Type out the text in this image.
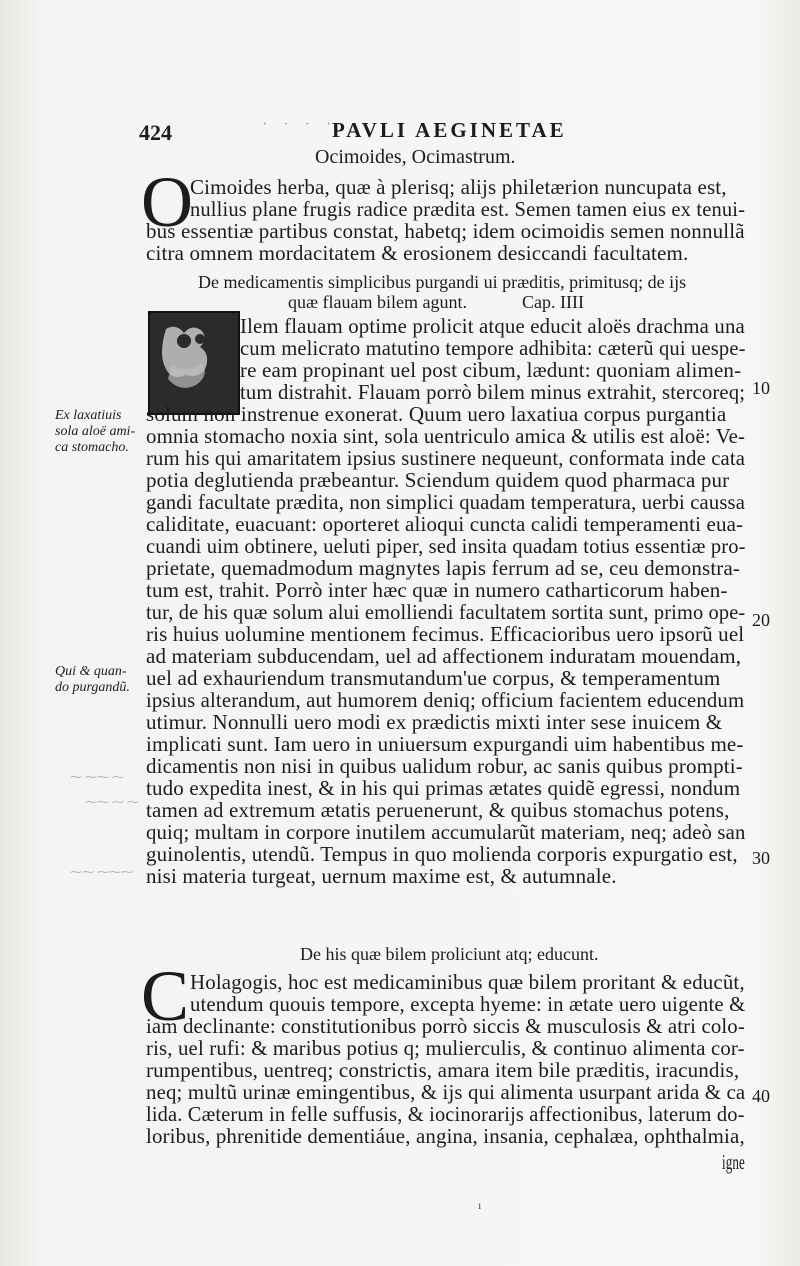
⁓ ⁓⁓ ⁓
⁓⁓ ⁓ ⁓
⁓⁓ ⁓⁓⁓
424	· · · ·
PAVLI AEGINETAE
Ocimoides, Ocimastrum.
O
Cimoides herba, quæ à plerisq; alijs philetærion nuncupata est,
nullius plane frugis radice prædita est. Semen tamen eius ex tenui-
bus essentiæ partibus constat, habetq; idem ocimoidis semen nonnullã
citra omnem mordacitatem & erosionem desiccandi facultatem.
De medicamentis simplicibus purgandi ui præditis, primitusq; de ijs
quæ flauam bilem agunt.	Cap. IIII
Ilem flauam optime prolicit atque educit aloës drachma una
cum melicrato matutino tempore adhibita: cæterũ qui uespe-
re eam propinant uel post cibum, lædunt: quoniam alimen-
tum distrahit. Flauam porrò bilem minus extrahit, stercoreq;
solum non instrenue exonerat. Quum uero laxatiua corpus purgantia
omnia stomacho noxia sint, sola uentriculo amica & utilis est aloë: Ve-
rum his qui amaritatem ipsius sustinere nequeunt, conformata inde cata
potia deglutienda præbeantur. Sciendum quidem quod pharmaca pur
gandi facultate prædita, non simplici quadam temperatura, uerbi caussa
caliditate, euacuant: oporteret alioqui cuncta calidi temperamenti eua-
cuandi uim obtinere, ueluti piper, sed insita quadam totius essentiæ pro-
prietate, quemadmodum magnytes lapis ferrum ad se, ceu demonstra-
tum est, trahit. Porrò inter hæc quæ in numero catharticorum haben-
tur, de his quæ solum alui emolliendi facultatem sortita sunt, primo ope-
ris huius uolumine mentionem fecimus. Efficacioribus uero ipsorũ uel
ad materiam subducendam, uel ad affectionem induratam mouendam,
uel ad exhauriendum transmutandum'ue corpus, & temperamentum
ipsius alterandum, aut humorem deniq; officium facientem educendum
utimur. Nonnulli uero modi ex prædictis mixti inter sese inuicem &
implicati sunt. Iam uero in uniuersum expurgandi uim habentibus me-
dicamentis non nisi in quibus ualidum robur, ac sanis quibus prompti-
tudo expedita inest, & in his qui primas ætates quidẽ egressi, nondum
tamen ad extremum ætatis peruenerunt, & quibus stomachus potens,
quiq; multam in corpore inutilem accumularũt materiam, neq; adeò san
guinolentis, utendũ. Tempus in quo molienda corporis expurgatio est,
nisi materia turgeat, uernum maxime est, & autumnale.
De his quæ bilem proliciunt atq; educunt.
C Holagogis, hoc est medicaminibus quæ bilem proritant & educũt,
utendum quouis tempore, excepta hyeme: in ætate uero uigente &
iam declinante: constitutionibus porrò siccis & musculosis & atri colo-
ris, uel rufi: & maribus potius q; mulierculis, & continuo alimenta cor-
rumpentibus, uentreq; constrictis, amara item bile præditis, iracundis,
neq; multũ urinæ emingentibus, & ijs qui alimenta usurpant arida & ca
lida. Cæterum in felle suffusis, & iocinorarijs affectionibus, laterum do-
loribus, phrenitide dementiáue, angina, insania, cephalæa, ophthalmia,
igne
Ex laxatiuis
sola aloë ami-
ca stomacho.
Qui & quan-
do purgandũ.
10
20
30
40
ı
